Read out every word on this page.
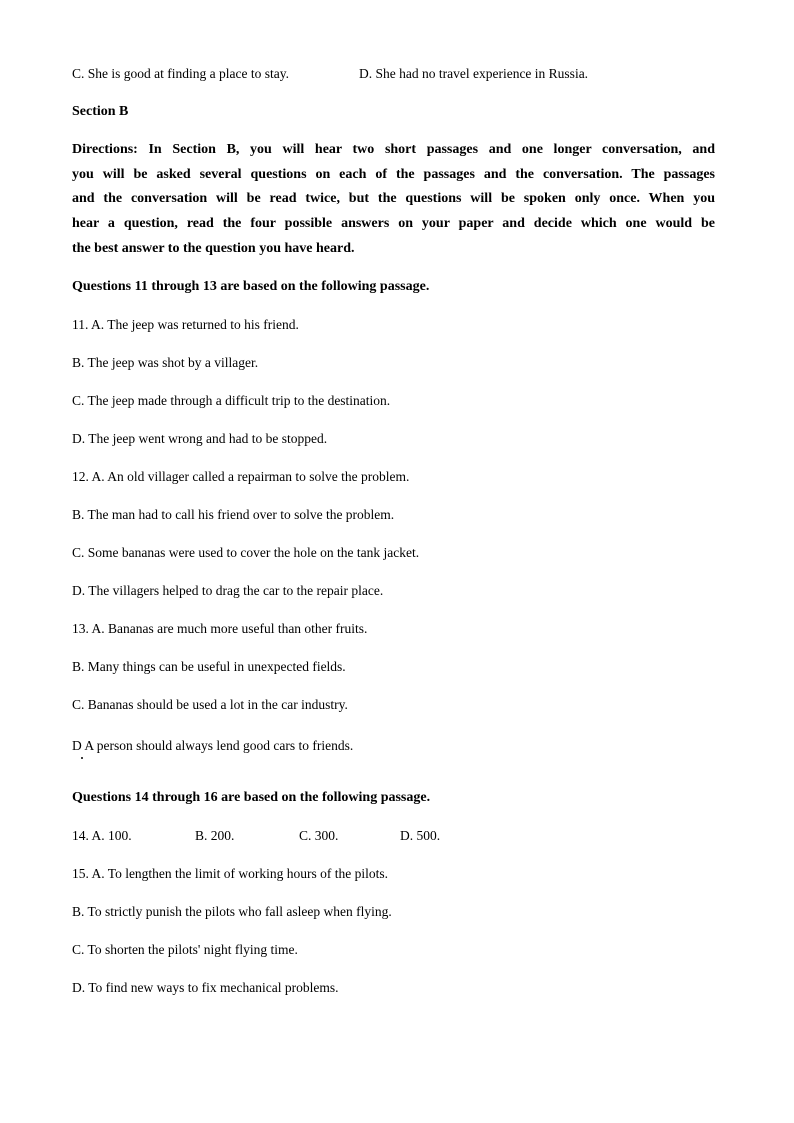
C. She is good at finding a place to stay.	D. She had no travel experience in Russia.
Section B
Directions: In Section B, you will hear two short passages and one longer conversation, and
you will be asked several questions on each of the passages and the conversation. The passages
and the conversation will be read twice, but the questions will be spoken only once. When you
hear a question, read the four possible answers on your paper and decide which one would be
the best answer to the question you have heard.
Questions 11 through 13 are based on the following passage.
11. A. The jeep was returned to his friend.
B. The jeep was shot by a villager.
C. The jeep made through a difficult trip to the destination.
D. The jeep went wrong and had to be stopped.
12. A. An old villager called a repairman to solve the problem.
B. The man had to call his friend over to solve the problem.
C. Some bananas were used to cover the hole on the tank jacket.
D. The villagers helped to drag the car to the repair place.
13. A. Bananas are much more useful than other fruits.
B. Many things can be useful in unexpected fields.
C. Bananas should be used a lot in the car industry.
D A person should always lend good cars to friends.
Questions 14 through 16 are based on the following passage.
14. A. 100.	B. 200.	C. 300.	D. 500.
15. A. To lengthen the limit of working hours of the pilots.
B. To strictly punish the pilots who fall asleep when flying.
C. To shorten the pilots' night flying time.
D. To find new ways to fix mechanical problems.
